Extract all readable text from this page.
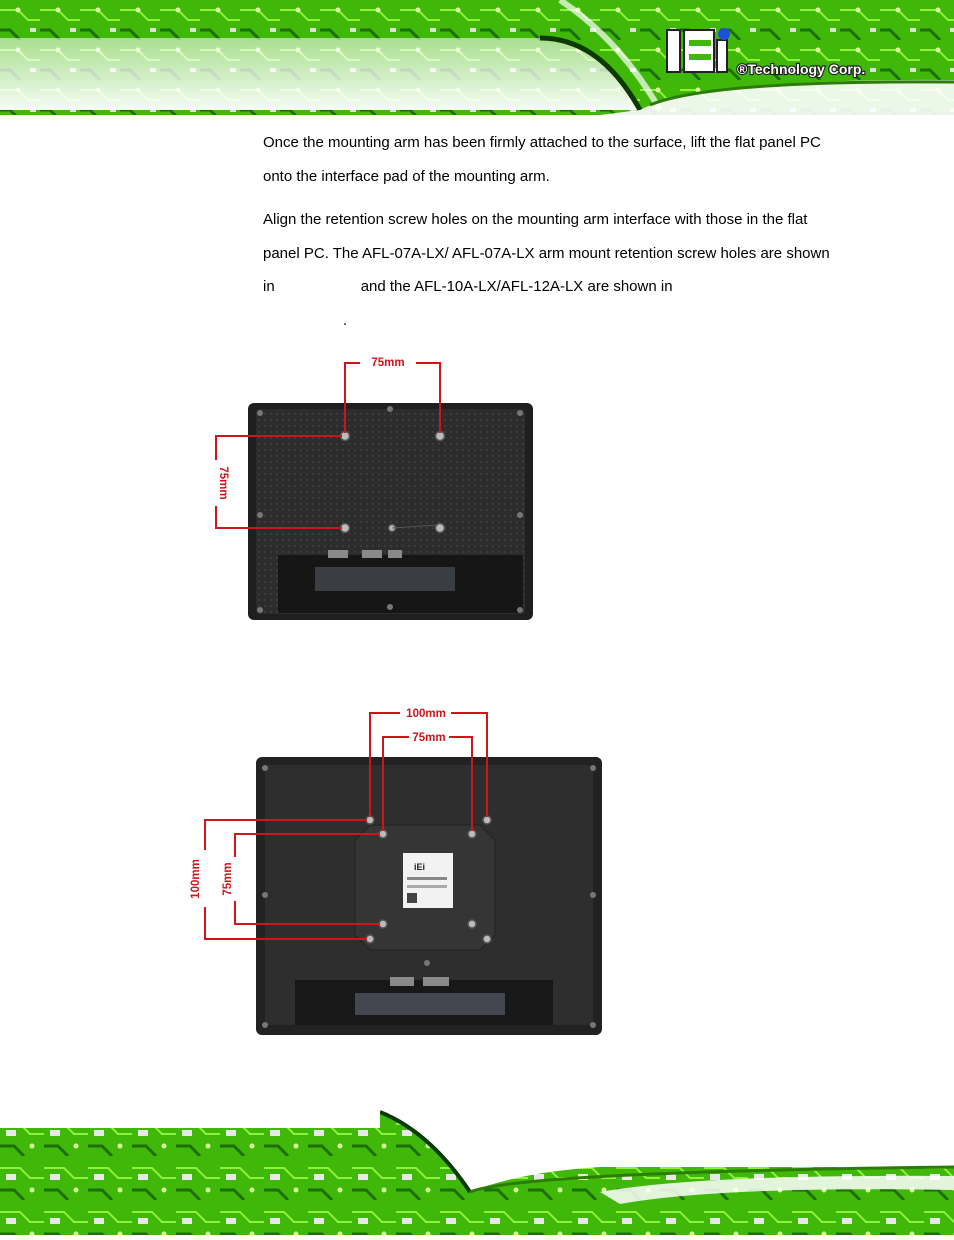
®Technology Corp.

Once the mounting arm has been firmly attached to the surface, lift the flat panel PC onto the interface pad of the mounting arm.

Align the retention screw holes on the mounting arm interface with those in the flat panel PC. The AFL-07A-LX/ AFL-07A-LX arm mount retention screw holes are shown in	and the AFL-10A-LX/AFL-12A-LX are shown in
.

75mm
75mm
iEi
100mm
75mm
100mm 75mm
